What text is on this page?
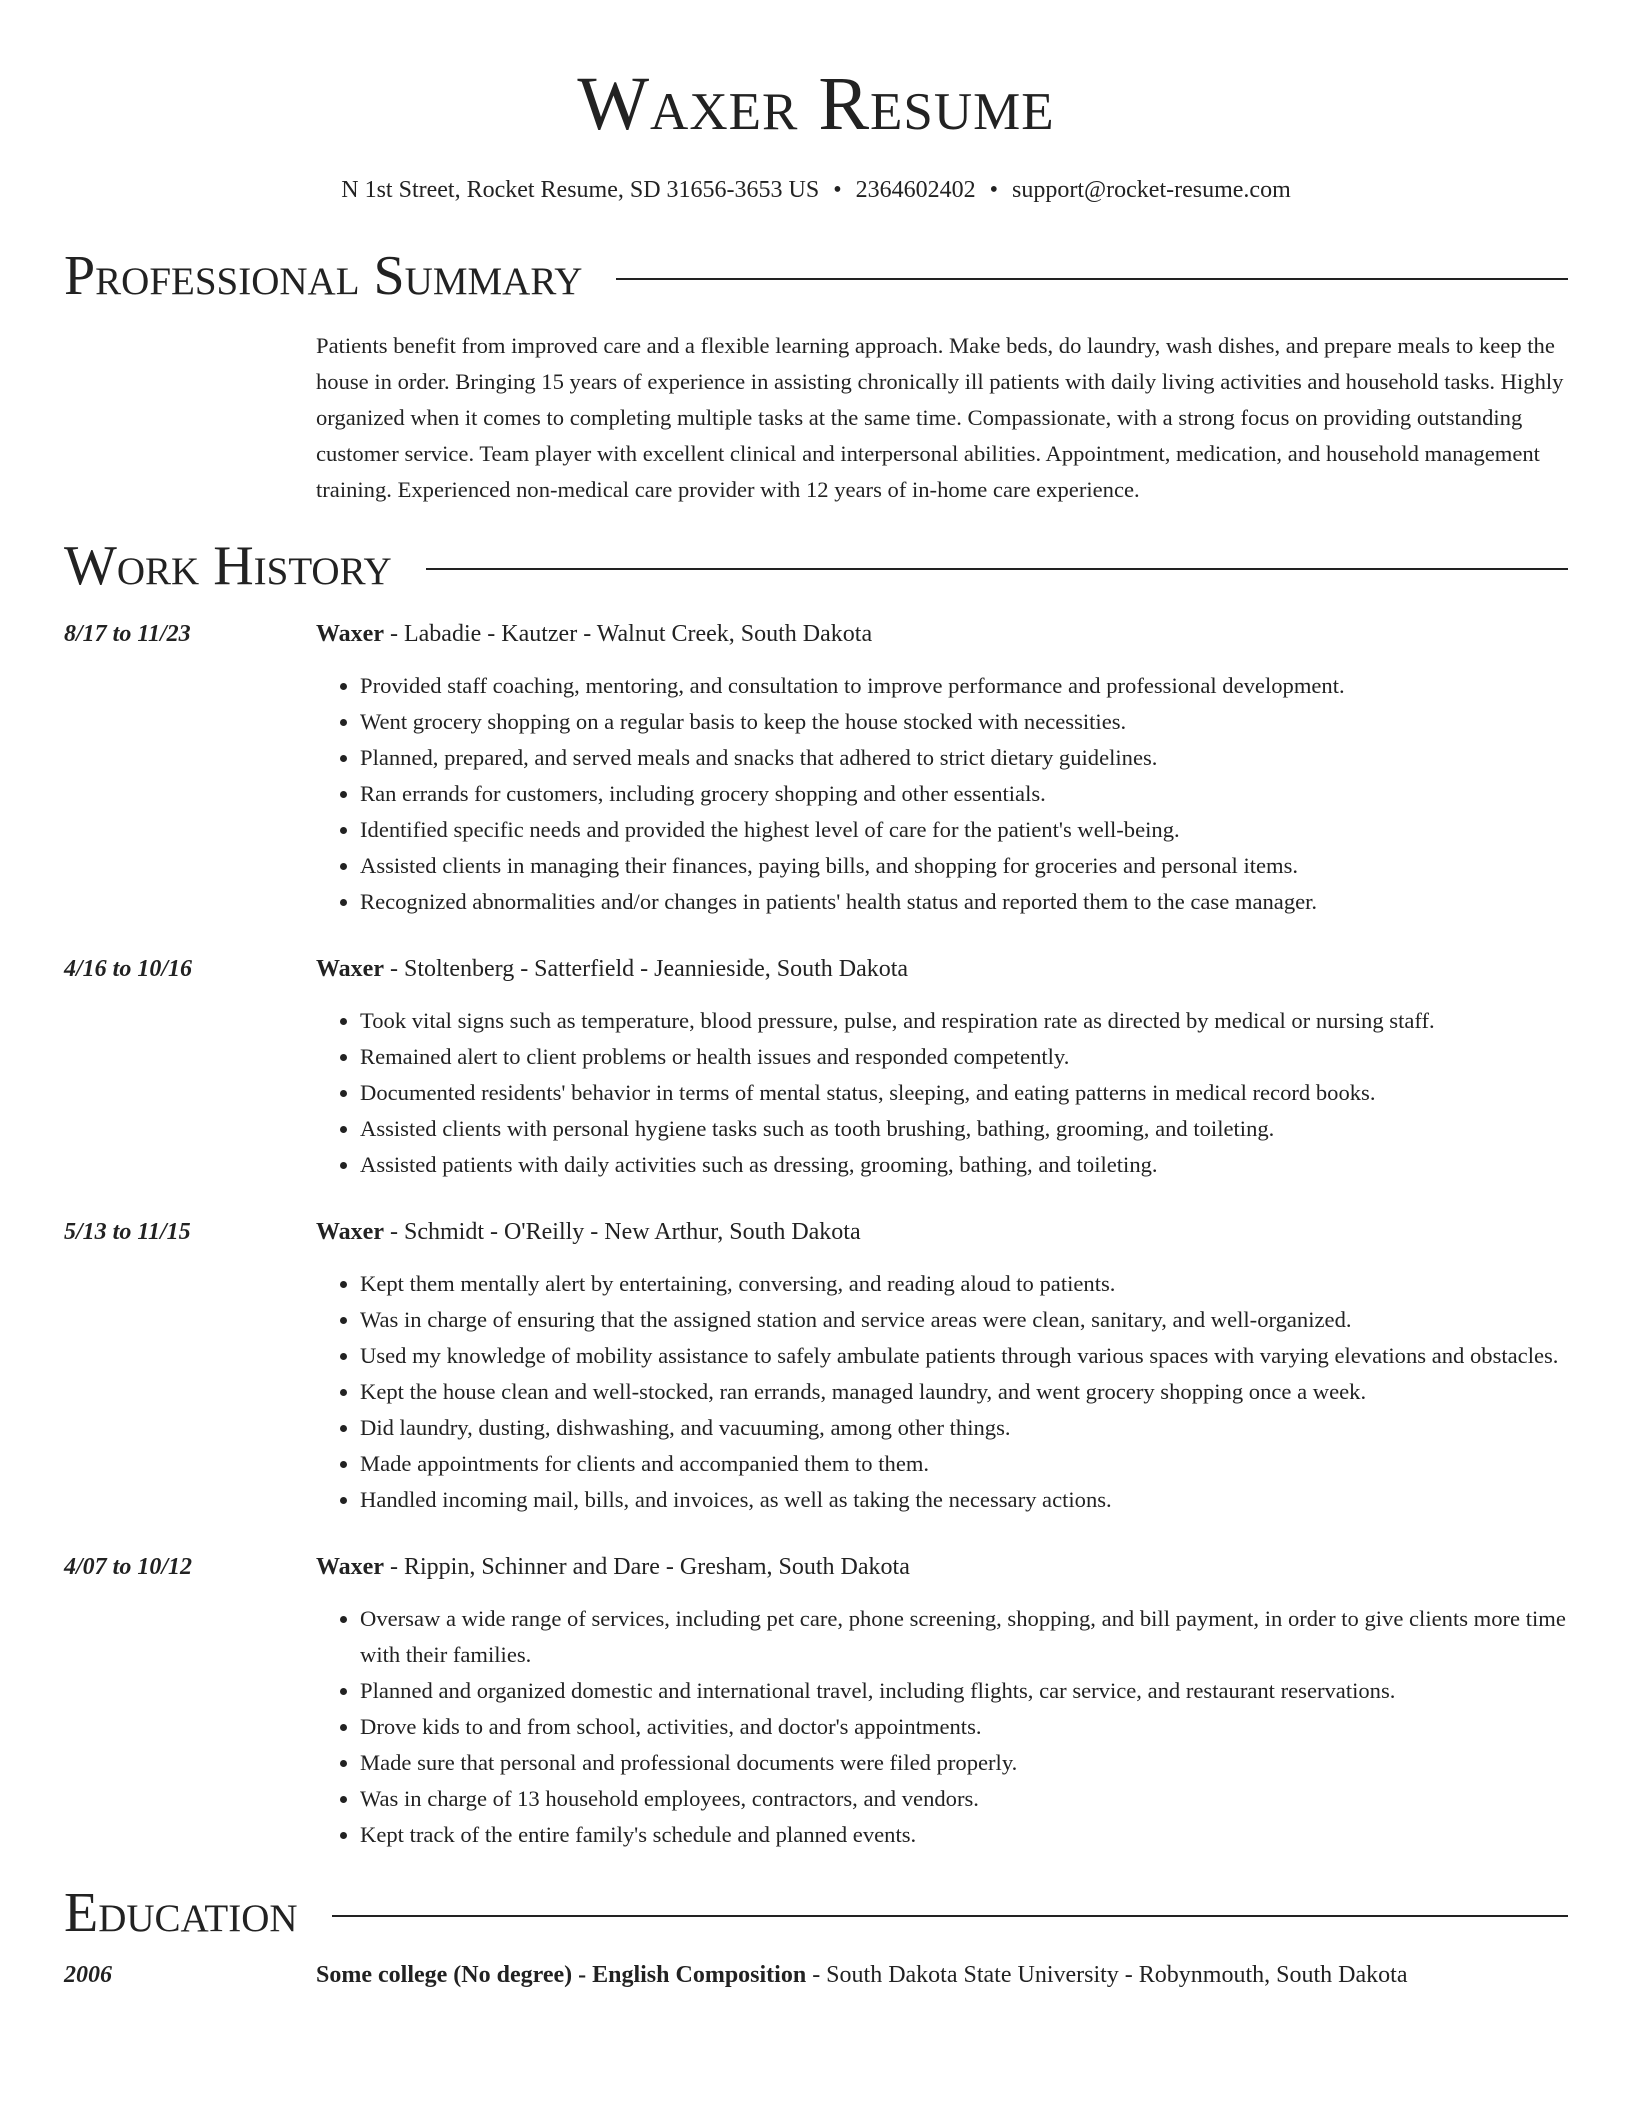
Waxer Resume
N 1st Street, Rocket Resume, SD 31656-3653 US • 2364602402 • support@rocket-resume.com
Professional Summary
Patients benefit from improved care and a flexible learning approach. Make beds, do laundry, wash dishes, and prepare meals to keep the house in order. Bringing 15 years of experience in assisting chronically ill patients with daily living activities and household tasks. Highly organized when it comes to completing multiple tasks at the same time. Compassionate, with a strong focus on providing outstanding customer service. Team player with excellent clinical and interpersonal abilities. Appointment, medication, and household management training. Experienced non-medical care provider with 12 years of in-home care experience.
Work History
8/17 to 11/23	Waxer - Labadie - Kautzer - Walnut Creek, South Dakota
• Provided staff coaching, mentoring, and consultation to improve performance and professional development.
• Went grocery shopping on a regular basis to keep the house stocked with necessities.
• Planned, prepared, and served meals and snacks that adhered to strict dietary guidelines.
• Ran errands for customers, including grocery shopping and other essentials.
• Identified specific needs and provided the highest level of care for the patient's well-being.
• Assisted clients in managing their finances, paying bills, and shopping for groceries and personal items.
• Recognized abnormalities and/or changes in patients' health status and reported them to the case manager.
4/16 to 10/16	Waxer - Stoltenberg - Satterfield - Jeannieside, South Dakota
• Took vital signs such as temperature, blood pressure, pulse, and respiration rate as directed by medical or nursing staff.
• Remained alert to client problems or health issues and responded competently.
• Documented residents' behavior in terms of mental status, sleeping, and eating patterns in medical record books.
• Assisted clients with personal hygiene tasks such as tooth brushing, bathing, grooming, and toileting.
• Assisted patients with daily activities such as dressing, grooming, bathing, and toileting.
5/13 to 11/15	Waxer - Schmidt - O'Reilly - New Arthur, South Dakota
• Kept them mentally alert by entertaining, conversing, and reading aloud to patients.
• Was in charge of ensuring that the assigned station and service areas were clean, sanitary, and well-organized.
• Used my knowledge of mobility assistance to safely ambulate patients through various spaces with varying elevations and obstacles.
• Kept the house clean and well-stocked, ran errands, managed laundry, and went grocery shopping once a week.
• Did laundry, dusting, dishwashing, and vacuuming, among other things.
• Made appointments for clients and accompanied them to them.
• Handled incoming mail, bills, and invoices, as well as taking the necessary actions.
4/07 to 10/12	Waxer - Rippin, Schinner and Dare - Gresham, South Dakota
• Oversaw a wide range of services, including pet care, phone screening, shopping, and bill payment, in order to give clients more time with their families.
• Planned and organized domestic and international travel, including flights, car service, and restaurant reservations.
• Drove kids to and from school, activities, and doctor's appointments.
• Made sure that personal and professional documents were filed properly.
• Was in charge of 13 household employees, contractors, and vendors.
• Kept track of the entire family's schedule and planned events.
Education
2006	Some college (No degree) - English Composition - South Dakota State University - Robynmouth, South Dakota
